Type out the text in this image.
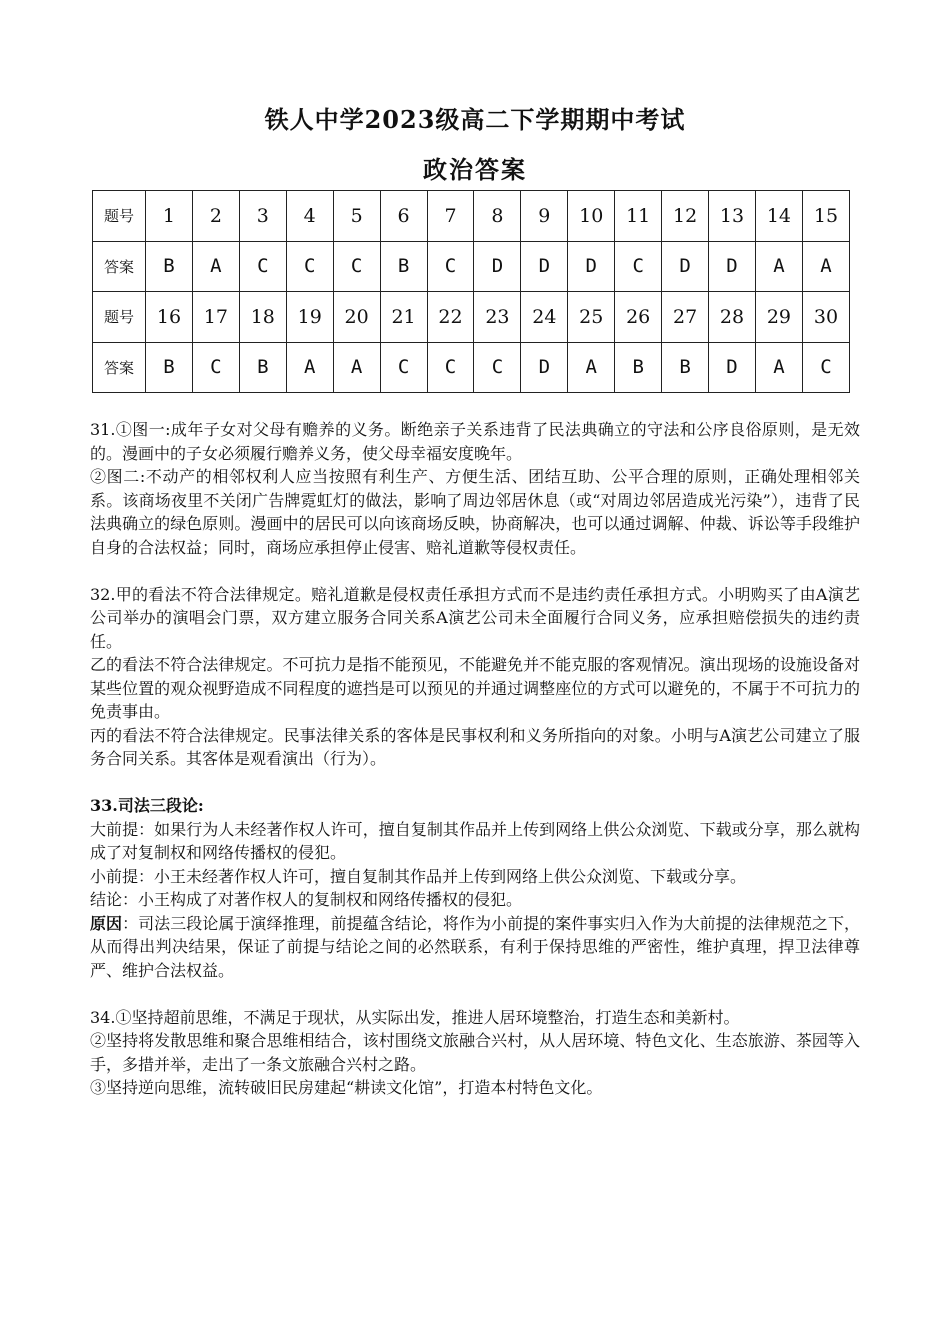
铁人中学2023级高二下学期期中考试
政治答案
题号	1	2	3	4	5	6	7	8	9	10	11	12	13	14	15
答案	B	A	C	C	C	B	C	D	D	D	C	D	D	A	A
题号	16	17	18	19	20	21	22	23	24	25	26	27	28	29	30
答案	B	C	B	A	A	C	C	C	D	A	B	B	D	A	C

31.①图一:成年子女对父母有赡养的义务。断绝亲子关系违背了民法典确立的守法和公序良俗原则，是无效的。漫画中的子女必须履行赡养义务，使父母幸福安度晚年。

②图二:不动产的相邻权利人应当按照有利生产、方便生活、团结互助、公平合理的原则，正确处理相邻关系。该商场夜里不关闭广告牌霓虹灯的做法，影响了周边邻居休息（或“对周边邻居造成光污染”），违背了民法典确立的绿色原则。漫画中的居民可以向该商场反映，协商解决，也可以通过调解、仲裁、诉讼等手段维护自身的合法权益；同时，商场应承担停止侵害、赔礼道歉等侵权责任。

32.甲的看法不符合法律规定。赔礼道歉是侵权责任承担方式而不是违约责任承担方式。小明购买了由A演艺公司举办的演唱会门票，双方建立服务合同关系A演艺公司未全面履行合同义务，应承担赔偿损失的违约责任。

乙的看法不符合法律规定。不可抗力是指不能预见，不能避免并不能克服的客观情况。演出现场的设施设备对某些位置的观众视野造成不同程度的遮挡是可以预见的并通过调整座位的方式可以避免的，不属于不可抗力的免责事由。

丙的看法不符合法律规定。民事法律关系的客体是民事权利和义务所指向的对象。小明与A演艺公司建立了服务合同关系。其客体是观看演出（行为）。

33.司法三段论:

大前提：如果行为人未经著作权人许可，擅自复制其作品并上传到网络上供公众浏览、下载或分享，那么就构成了对复制权和网络传播权的侵犯。

小前提：小王未经著作权人许可，擅自复制其作品并上传到网络上供公众浏览、下载或分享。

结论：小王构成了对著作权人的复制权和网络传播权的侵犯。

原因：司法三段论属于演绎推理，前提蕴含结论，将作为小前提的案件事实归入作为大前提的法律规范之下，从而得出判决结果，保证了前提与结论之间的必然联系，有利于保持思维的严密性，维护真理，捍卫法律尊严、维护合法权益。

34.①坚持超前思维，不满足于现状，从实际出发，推进人居环境整治，打造生态和美新村。

②坚持将发散思维和聚合思维相结合，该村围绕文旅融合兴村，从人居环境、特色文化、生态旅游、茶园等入手，多措并举，走出了一条文旅融合兴村之路。

③坚持逆向思维，流转破旧民房建起“耕读文化馆”，打造本村特色文化。
